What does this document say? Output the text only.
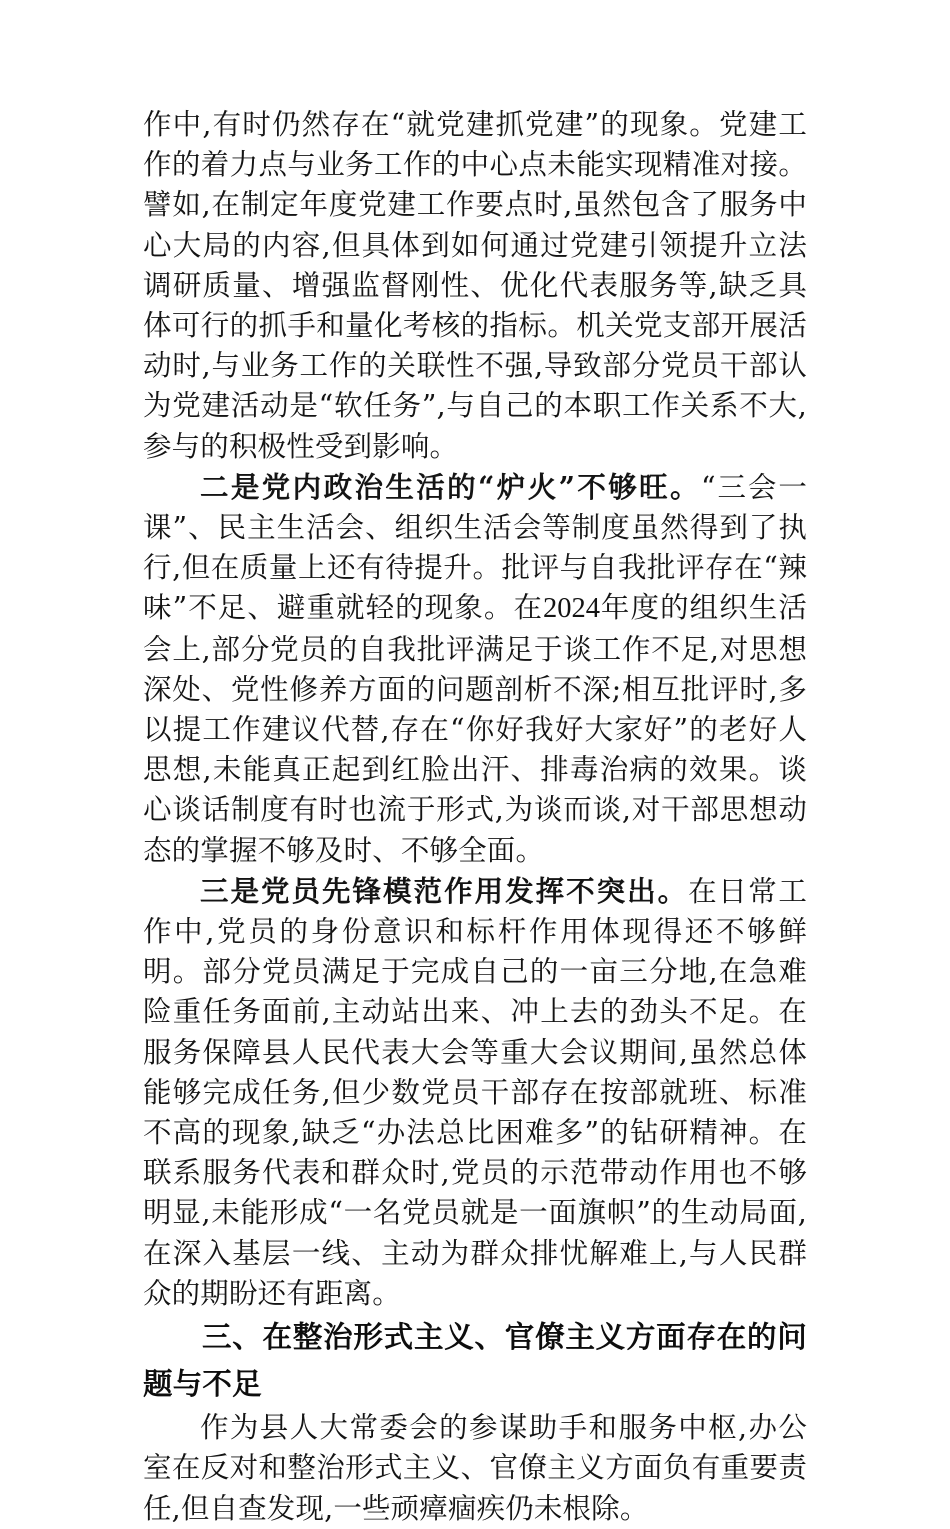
作中,有时仍然存在“就党建抓党建”的现象。党建工作的着力点与业务工作的中心点未能实现精准对接。譬如,在制定年度党建工作要点时,虽然包含了服务中心大局的内容,但具体到如何通过党建引领提升立法调研质量、增强监督刚性、优化代表服务等,缺乏具体可行的抓手和量化考核的指标。机关党支部开展活动时,与业务工作的关联性不强,导致部分党员干部认为党建活动是“软任务”,与自己的本职工作关系不大,参与的积极性受到影响。

二是党内政治生活的“炉火”不够旺。“三会一课”、民主生活会、组织生活会等制度虽然得到了执行,但在质量上还有待提升。批评与自我批评存在“辣味”不足、避重就轻的现象。在2024年度的组织生活会上,部分党员的自我批评满足于谈工作不足,对思想深处、党性修养方面的问题剖析不深;相互批评时,多以提工作建议代替,存在“你好我好大家好”的老好人思想,未能真正起到红脸出汗、排毒治病的效果。谈心谈话制度有时也流于形式,为谈而谈,对干部思想动态的掌握不够及时、不够全面。

三是党员先锋模范作用发挥不突出。在日常工作中,党员的身份意识和标杆作用体现得还不够鲜明。部分党员满足于完成自己的一亩三分地,在急难险重任务面前,主动站出来、冲上去的劲头不足。在服务保障县人民代表大会等重大会议期间,虽然总体能够完成任务,但少数党员干部存在按部就班、标准不高的现象,缺乏“办法总比困难多”的钻研精神。在联系服务代表和群众时,党员的示范带动作用也不够明显,未能形成“一名党员就是一面旗帜”的生动局面,在深入基层一线、主动为群众排忧解难上,与人民群众的期盼还有距离。

三、在整治形式主义、官僚主义方面存在的问题与不足

作为县人大常委会的参谋助手和服务中枢,办公室在反对和整治形式主义、官僚主义方面负有重要责任,但自查发现,一些顽瘴痼疾仍未根除。
